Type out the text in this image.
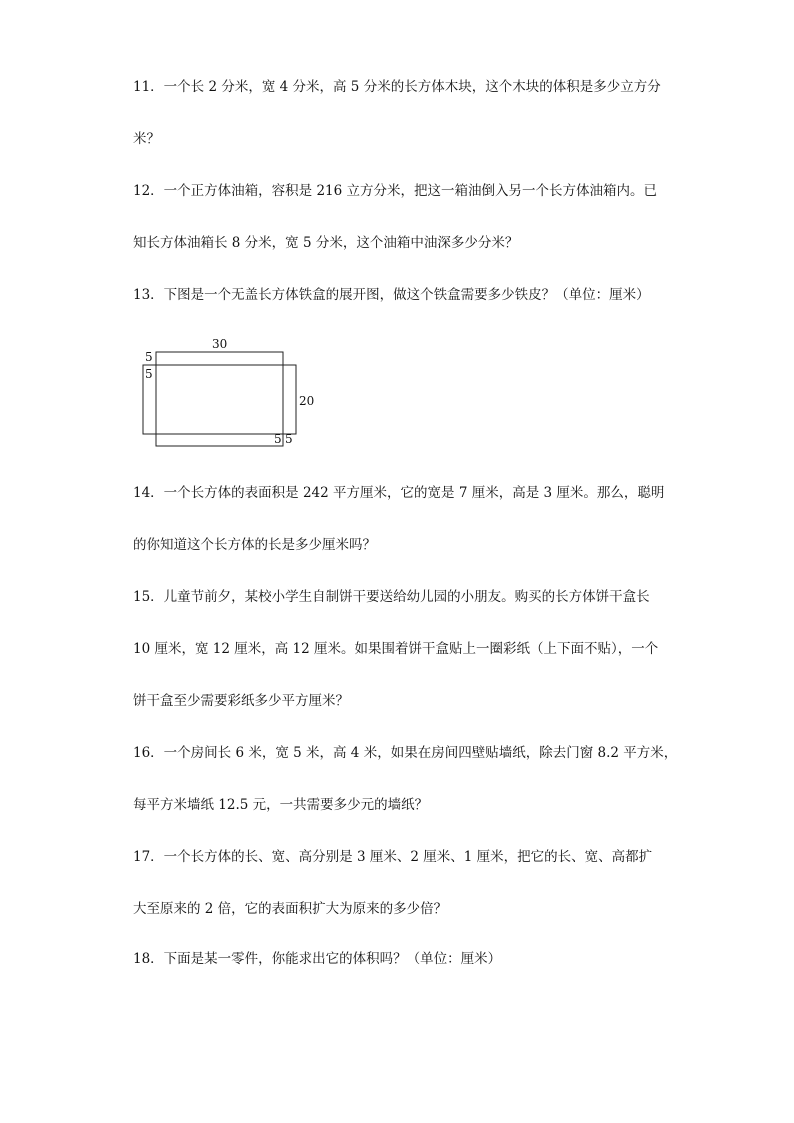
11．一个长 2 分米，宽 4 分米，高 5 分米的长方体木块，这个木块的体积是多少立方分
米？
12．一个正方体油箱，容积是 216 立方分米，把这一箱油倒入另一个长方体油箱内。已
知长方体油箱长 8 分米，宽 5 分米，这个油箱中油深多少分米？
13．下图是一个无盖长方体铁盒的展开图，做这个铁盒需要多少铁皮？（单位：厘米）
30
20
5
5
5 5
14．一个长方体的表面积是 242 平方厘米，它的宽是 7 厘米，高是 3 厘米。那么，聪明
的你知道这个长方体的长是多少厘米吗？
15．儿童节前夕，某校小学生自制饼干要送给幼儿园的小朋友。购买的长方体饼干盒长
10 厘米，宽 12 厘米，高 12 厘米。如果围着饼干盒贴上一圈彩纸（上下面不贴），一个
饼干盒至少需要彩纸多少平方厘米？
16．一个房间长 6 米，宽 5 米，高 4 米，如果在房间四壁贴墙纸，除去门窗 8.2 平方米，
每平方米墙纸 12.5 元，一共需要多少元的墙纸？
17．一个长方体的长、宽、高分别是 3 厘米、2 厘米、1 厘米，把它的长、宽、高都扩
大至原来的 2 倍，它的表面积扩大为原来的多少倍？
18．下面是某一零件，你能求出它的体积吗？（单位：厘米）
